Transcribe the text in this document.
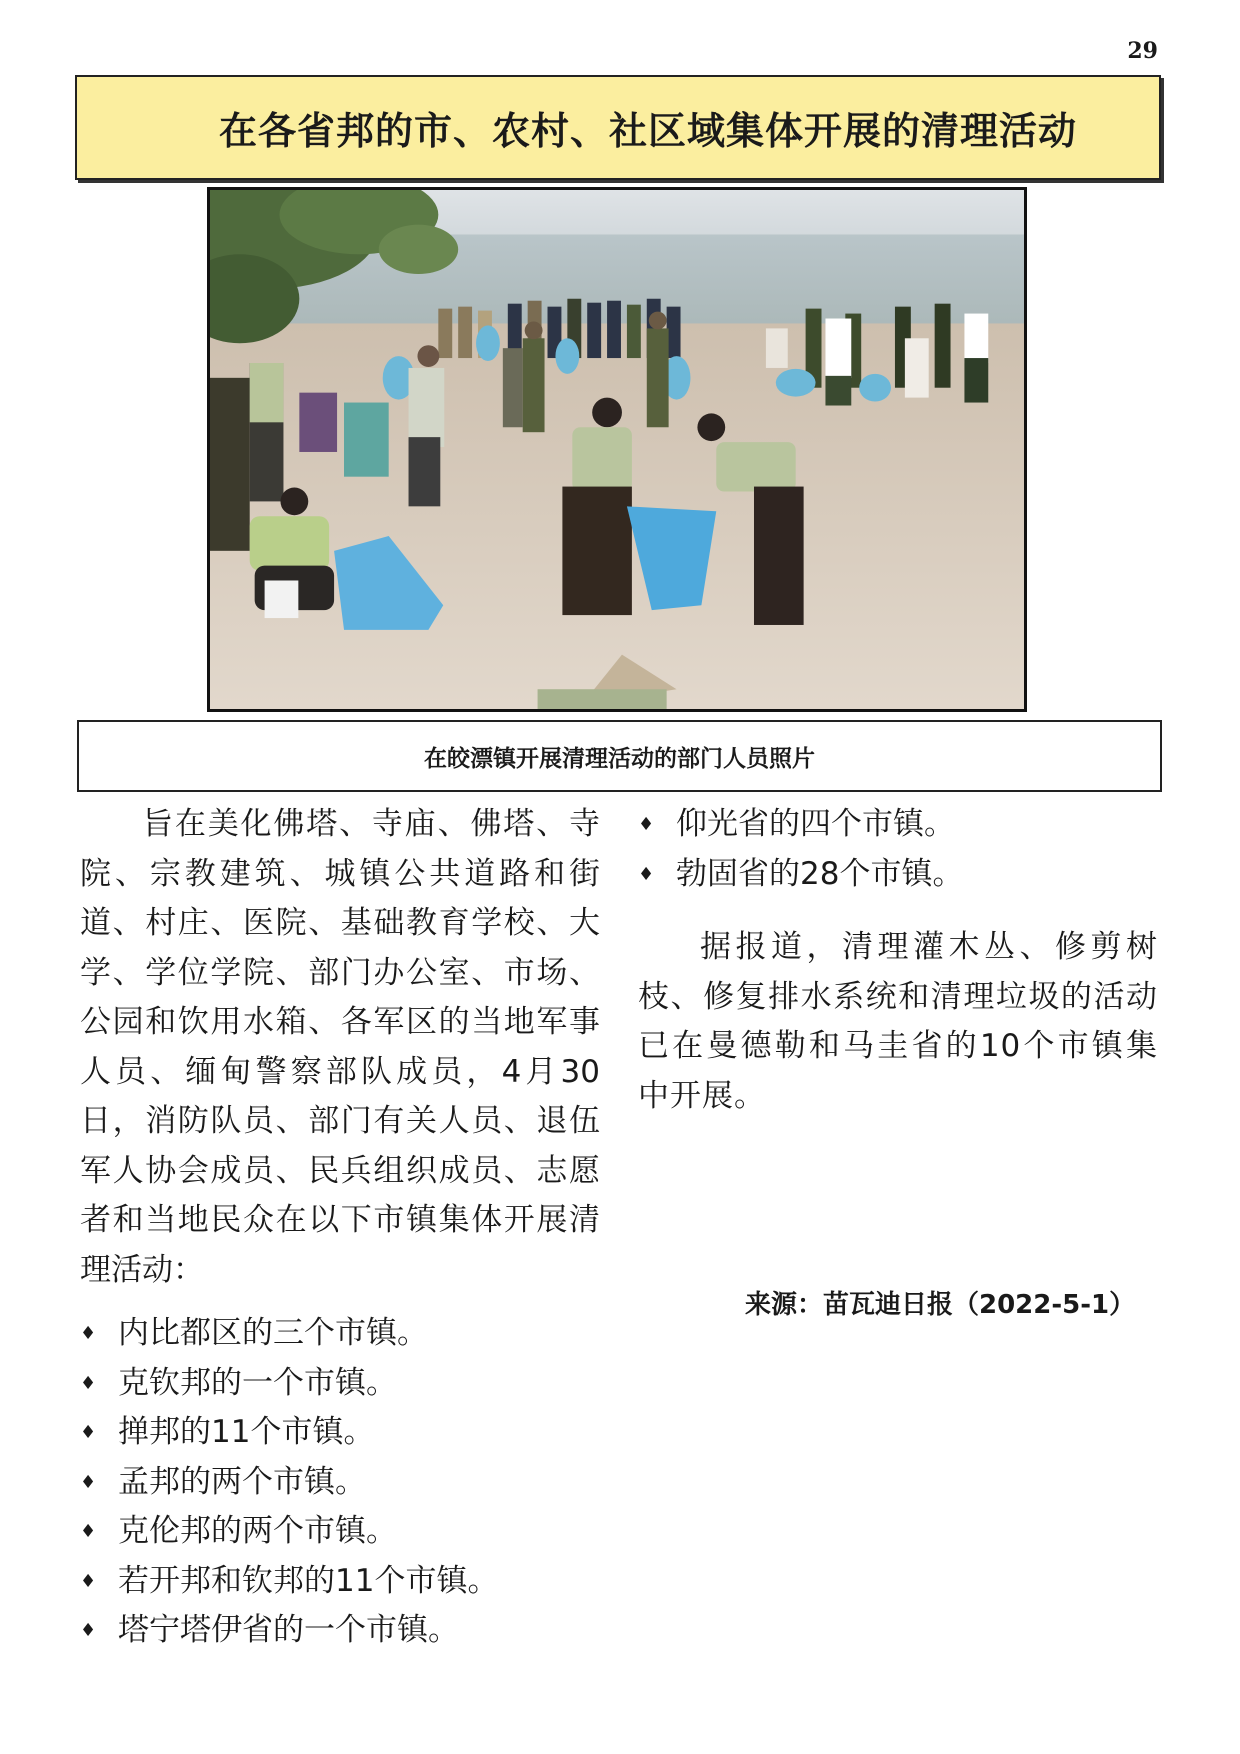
29
在各省邦的市、农村、社区域集体开展的清理活动
在皎漂镇开展清理活动的部门人员照片

旨在美化佛塔、寺庙、佛塔、寺院、宗教建筑、城镇公共道路和街道、村庄、医院、基础教育学校、大学、学位学院、部门办公室、市场、公园和饮用水箱、各军区的当地军事人员、缅甸警察部队成员，4月30日，消防队员、部门有关人员、退伍军人协会成员、民兵组织成员、志愿者和当地民众在以下市镇集体开展清理活动：

♦ 内比都区的三个市镇。
♦ 克钦邦的一个市镇。
♦ 掸邦的11个市镇。
♦ 孟邦的两个市镇。
♦ 克伦邦的两个市镇。
♦ 若开邦和钦邦的11个市镇。
♦ 塔宁塔伊省的一个市镇。
♦ 仰光省的四个市镇。
♦ 勃固省的28个市镇。

据报道，清理灌木丛、修剪树枝、修复排水系统和清理垃圾的活动已在曼德勒和马圭省的10个市镇集中开展。

来源：苗瓦迪日报（2022-5-1）
